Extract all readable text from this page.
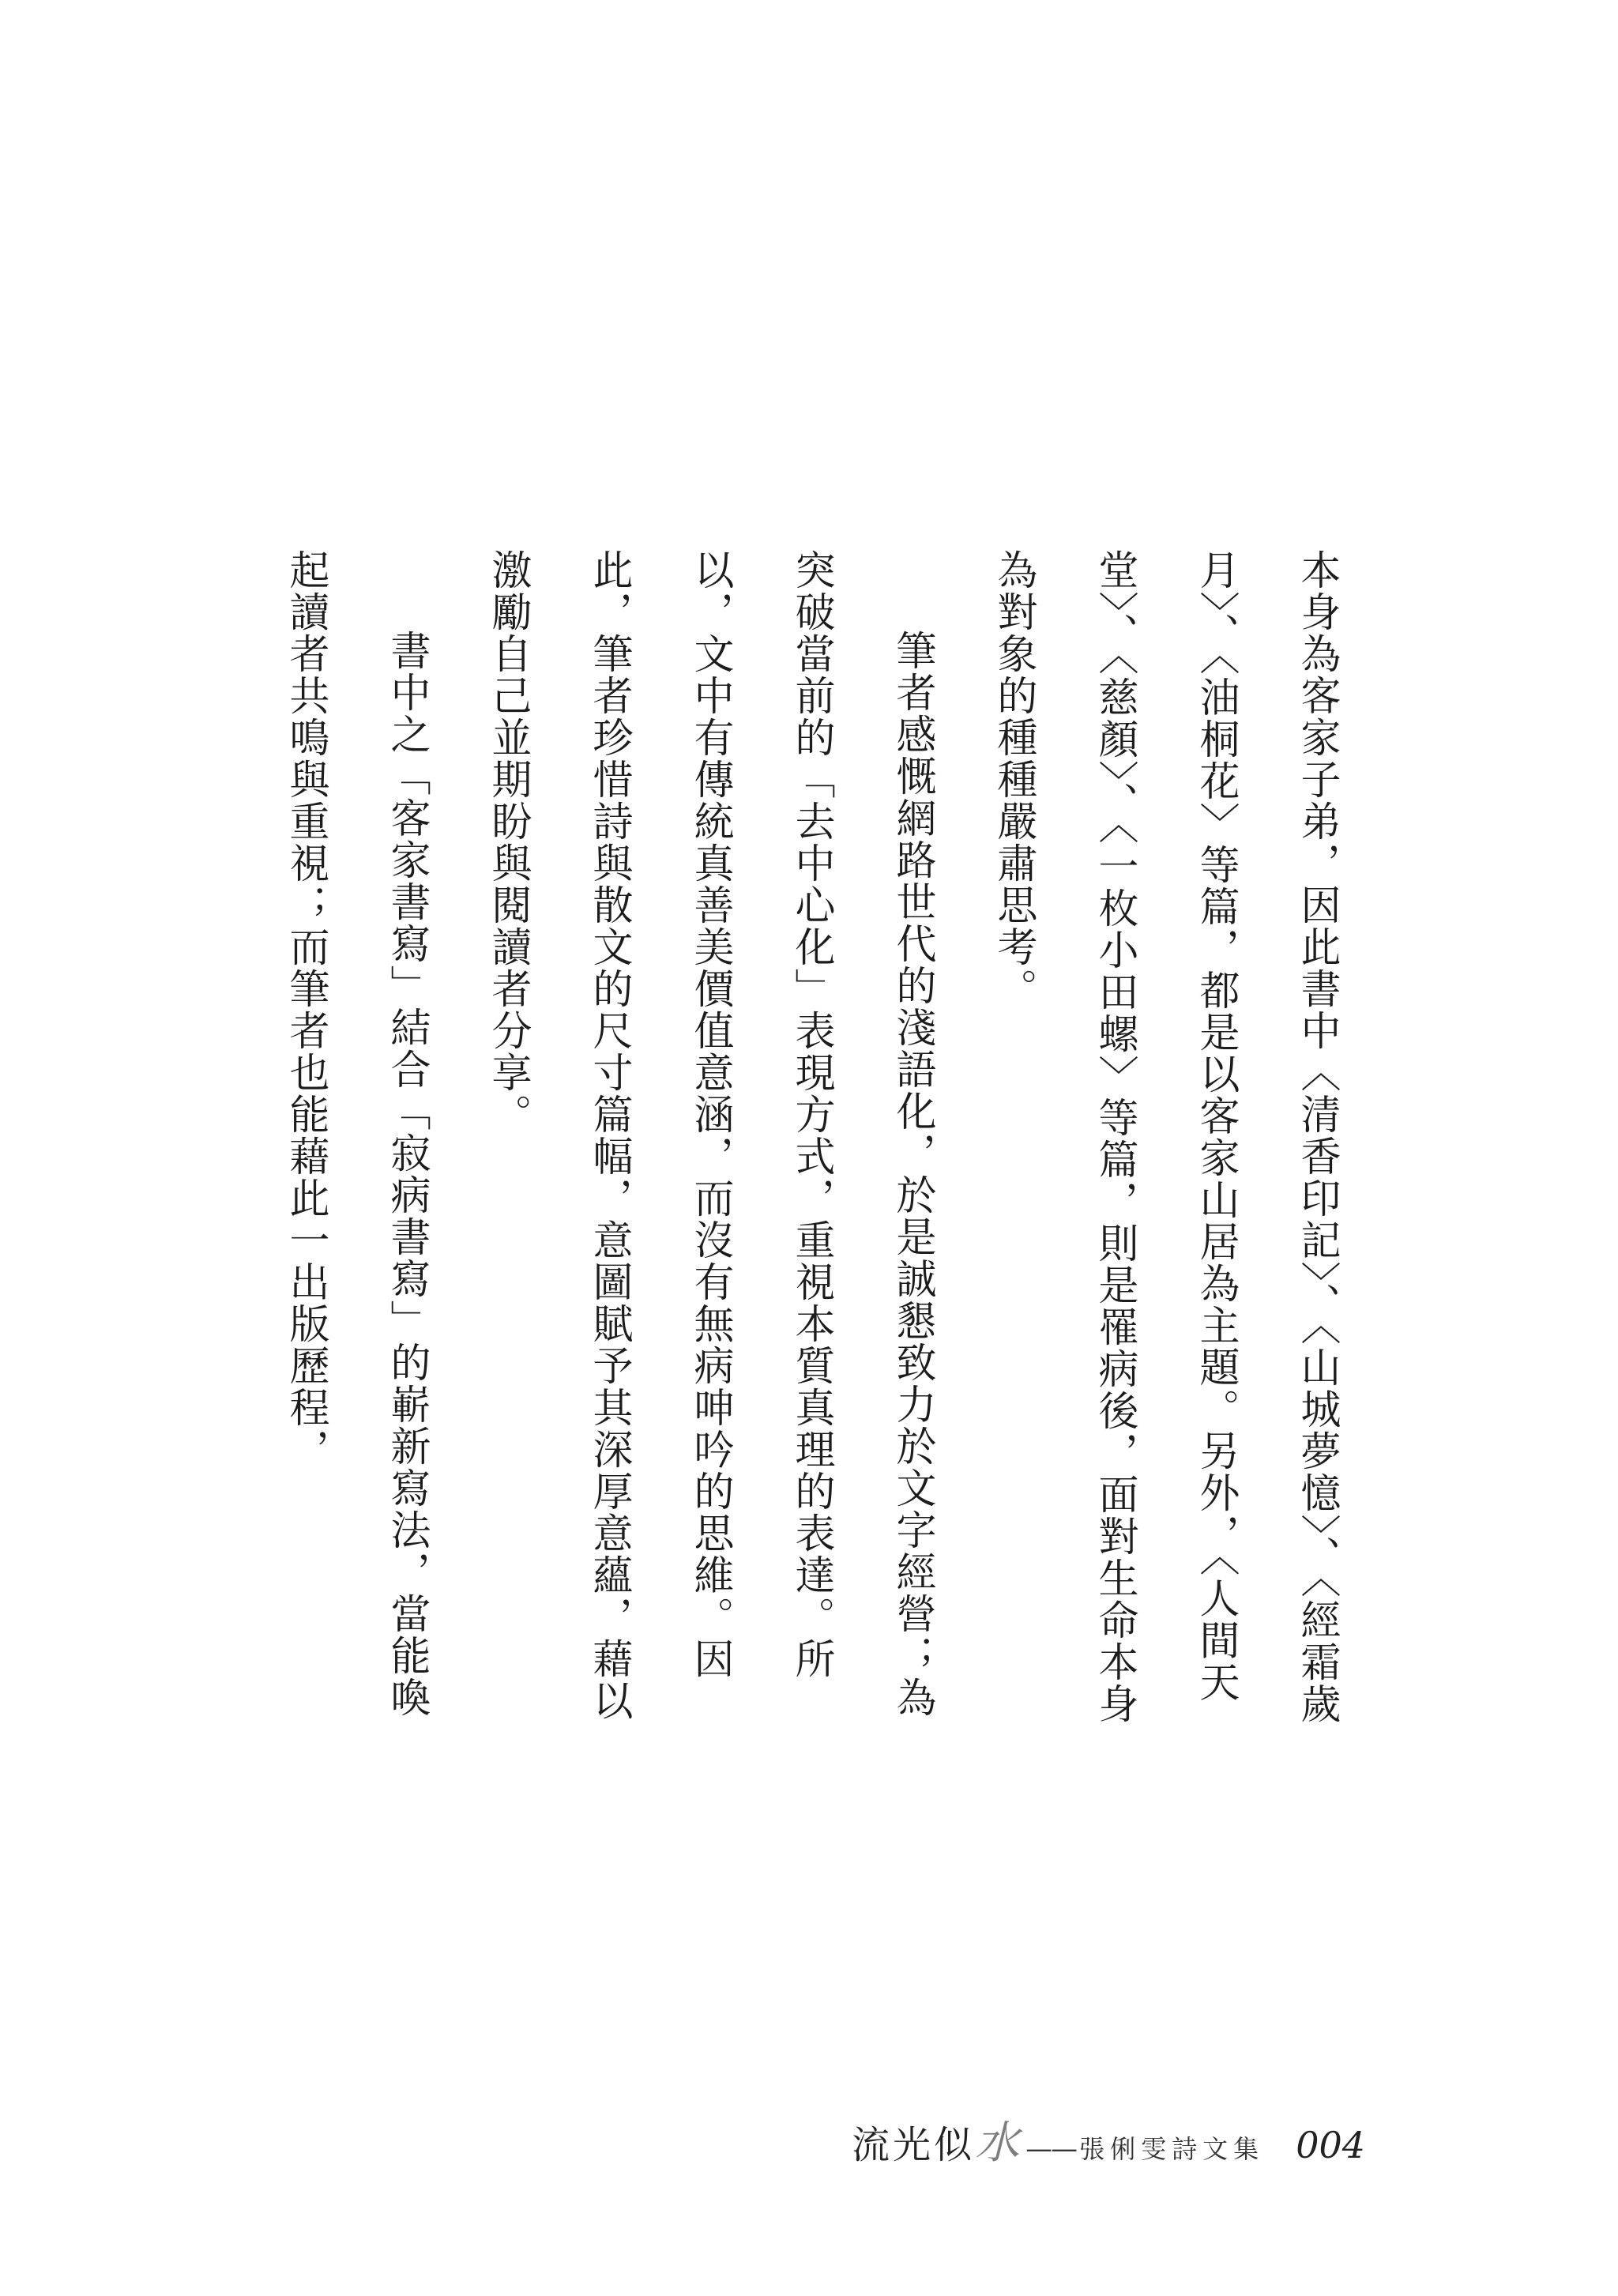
本身為客家子弟，因此書中〈清香印記〉、〈山城夢憶〉、〈經霜歲月〉、〈油桐花〉等篇，都是以客家山居為主題。另外，〈人間天堂〉、〈慈顏〉、〈一枚小田螺〉等篇，則是罹病後，面對生命本身為對象的種種嚴肅思考。

筆者感慨網路世代的淺語化，於是誠懇致力於文字經營；為突破當前的「去中心化」表現方式，重視本質真理的表達。所以，文中有傳統真善美價值意涵，而沒有無病呻吟的思維。因此，筆者珍惜詩與散文的尺寸篇幅，意圖賦予其深厚意蘊，藉以激勵自己並期盼與閱讀者分享。

書中之「客家書寫」結合「寂病書寫」的嶄新寫法，當能喚起讀者共鳴與重視；而筆者也能藉此一出版歷程，

流光似 水 —— 張俐雯詩文集 004
